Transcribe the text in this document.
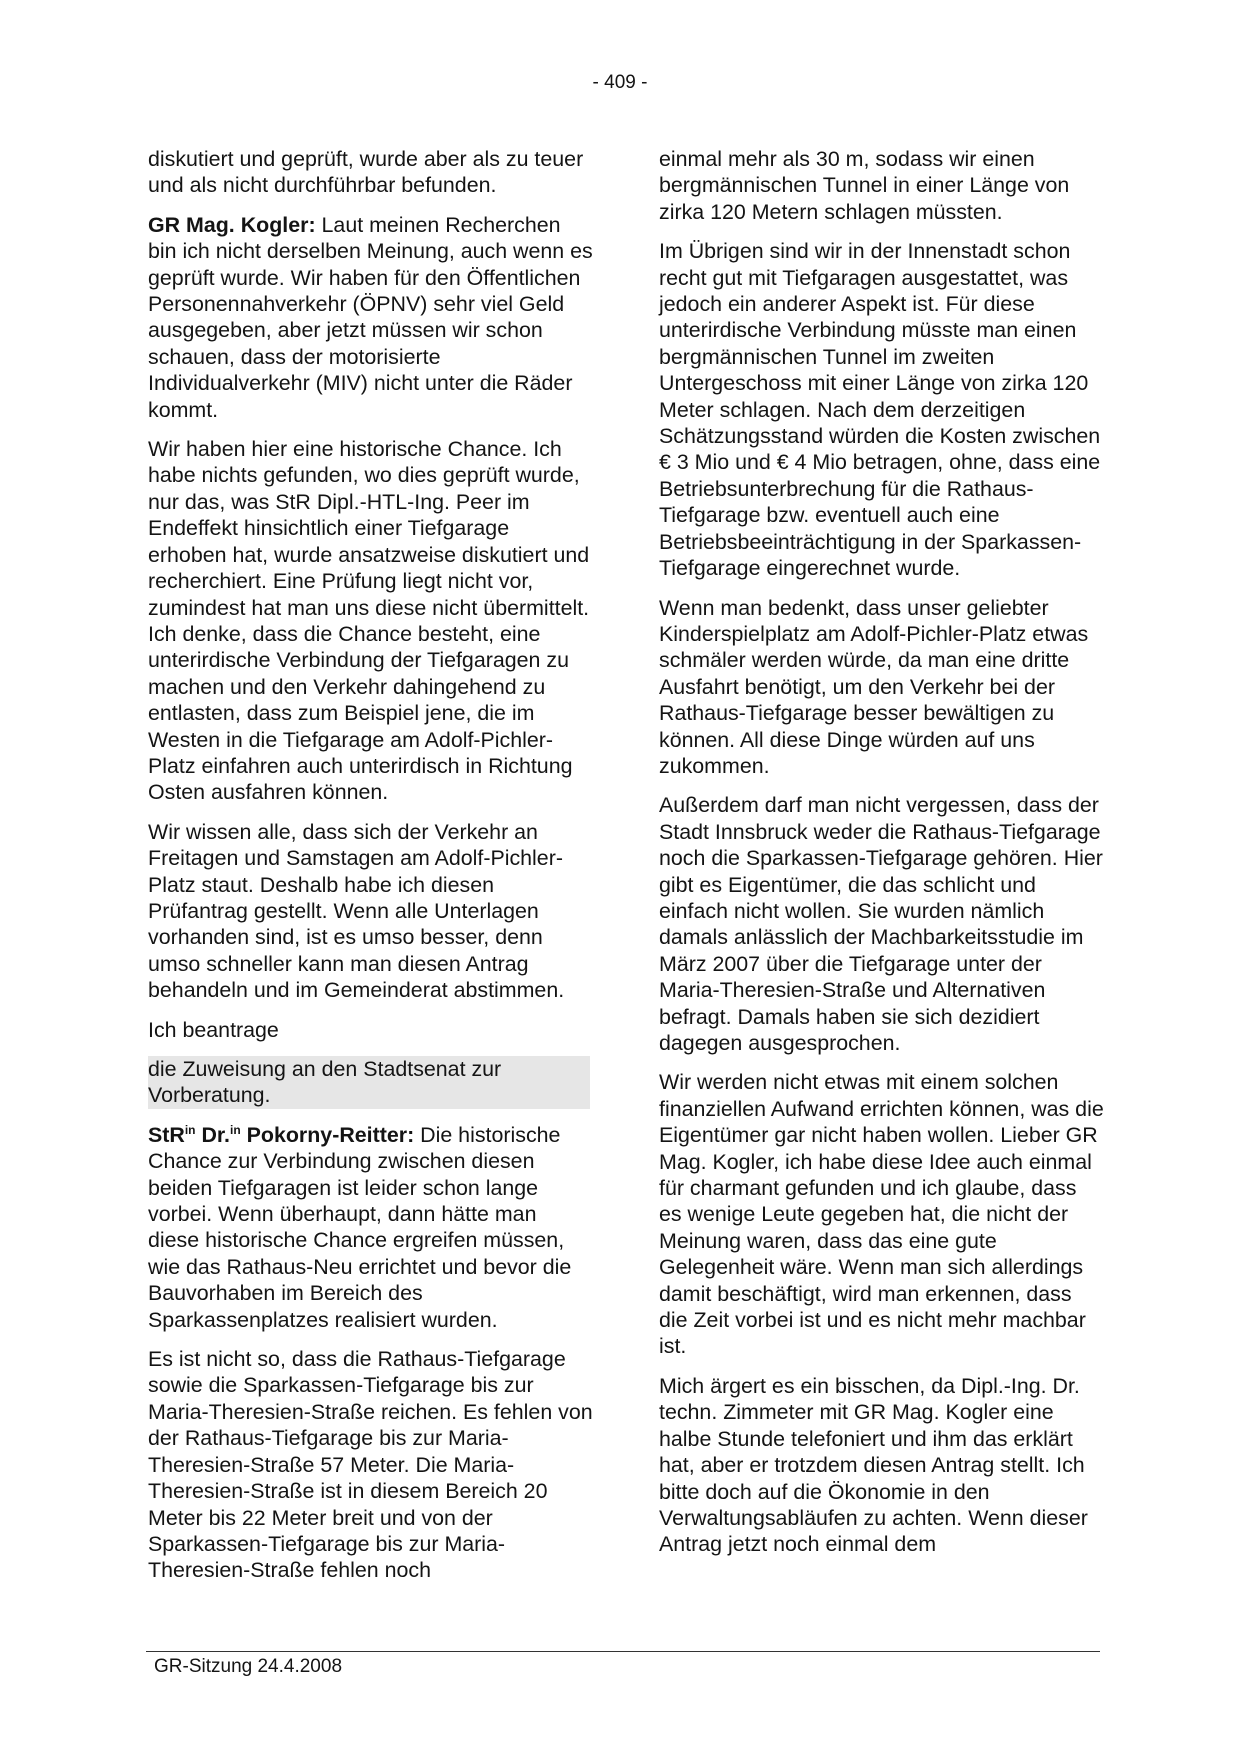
- 409 -

diskutiert und geprüft, wurde aber als zu teuer und als nicht durchführbar befunden.

GR Mag. Kogler: Laut meinen Recherchen bin ich nicht derselben Meinung, auch wenn es geprüft wurde. Wir haben für den Öffentlichen Personennahverkehr (ÖPNV) sehr viel Geld ausgegeben, aber jetzt müssen wir schon schauen, dass der motorisierte Individualverkehr (MIV) nicht unter die Räder kommt.

Wir haben hier eine historische Chance. Ich habe nichts gefunden, wo dies geprüft wurde, nur das, was StR Dipl.-HTL-Ing. Peer im Endeffekt hinsichtlich einer Tiefgarage erhoben hat, wurde ansatzweise diskutiert und recherchiert. Eine Prüfung liegt nicht vor, zumindest hat man uns diese nicht übermittelt. Ich denke, dass die Chance besteht, eine unterirdische Verbindung der Tiefgaragen zu machen und den Verkehr dahingehend zu entlasten, dass zum Beispiel jene, die im Westen in die Tiefgarage am Adolf-Pichler-Platz einfahren auch unterirdisch in Richtung Osten ausfahren können.

Wir wissen alle, dass sich der Verkehr an Freitagen und Samstagen am Adolf-Pichler-Platz staut. Deshalb habe ich diesen Prüfantrag gestellt. Wenn alle Unterlagen vorhanden sind, ist es umso besser, denn umso schneller kann man diesen Antrag behandeln und im Gemeinderat abstimmen.

Ich beantrage

die Zuweisung an den Stadtsenat zur Vorberatung.

StR$^{in}$ Dr.$^{in}$ Pokorny-Reitter: Die historische Chance zur Verbindung zwischen diesen beiden Tiefgaragen ist leider schon lange vorbei. Wenn überhaupt, dann hätte man diese historische Chance ergreifen müssen, wie das Rathaus-Neu errichtet und bevor die Bauvorhaben im Bereich des Sparkassenplatzes realisiert wurden.

Es ist nicht so, dass die Rathaus-Tiefgarage sowie die Sparkassen-Tiefgarage bis zur Maria-Theresien-Straße reichen. Es fehlen von der Rathaus-Tiefgarage bis zur Maria-Theresien-Straße 57 Meter. Die Maria-Theresien-Straße ist in diesem Bereich 20 Meter bis 22 Meter breit und von der Sparkassen-Tiefgarage bis zur Maria-Theresien-Straße fehlen noch

einmal mehr als 30 m, sodass wir einen bergmännischen Tunnel in einer Länge von zirka 120 Metern schlagen müssten.

Im Übrigen sind wir in der Innenstadt schon recht gut mit Tiefgaragen ausgestattet, was jedoch ein anderer Aspekt ist. Für diese unterirdische Verbindung müsste man einen bergmännischen Tunnel im zweiten Untergeschoss mit einer Länge von zirka 120 Meter schlagen. Nach dem derzeitigen Schätzungsstand würden die Kosten zwischen € 3 Mio und € 4 Mio betragen, ohne, dass eine Betriebsunterbrechung für die Rathaus-Tiefgarage bzw. eventuell auch eine Betriebsbeeinträchtigung in der Sparkassen-Tiefgarage eingerechnet wurde.

Wenn man bedenkt, dass unser geliebter Kinderspielplatz am Adolf-Pichler-Platz etwas schmäler werden würde, da man eine dritte Ausfahrt benötigt, um den Verkehr bei der Rathaus-Tiefgarage besser bewältigen zu können. All diese Dinge würden auf uns zukommen.

Außerdem darf man nicht vergessen, dass der Stadt Innsbruck weder die Rathaus-Tiefgarage noch die Sparkassen-Tiefgarage gehören. Hier gibt es Eigentümer, die das schlicht und einfach nicht wollen. Sie wurden nämlich damals anlässlich der Machbarkeitsstudie im März 2007 über die Tiefgarage unter der Maria-Theresien-Straße und Alternativen befragt. Damals haben sie sich dezidiert dagegen ausgesprochen.

Wir werden nicht etwas mit einem solchen finanziellen Aufwand errichten können, was die Eigentümer gar nicht haben wollen. Lieber GR Mag. Kogler, ich habe diese Idee auch einmal für charmant gefunden und ich glaube, dass es wenige Leute gegeben hat, die nicht der Meinung waren, dass das eine gute Gelegenheit wäre. Wenn man sich allerdings damit beschäftigt, wird man erkennen, dass die Zeit vorbei ist und es nicht mehr machbar ist.

Mich ärgert es ein bisschen, da Dipl.-Ing. Dr. techn. Zimmeter mit GR Mag. Kogler eine halbe Stunde telefoniert und ihm das erklärt hat, aber er trotzdem diesen Antrag stellt. Ich bitte doch auf die Ökonomie in den Verwaltungsabläufen zu achten. Wenn dieser Antrag jetzt noch einmal dem

GR-Sitzung 24.4.2008
